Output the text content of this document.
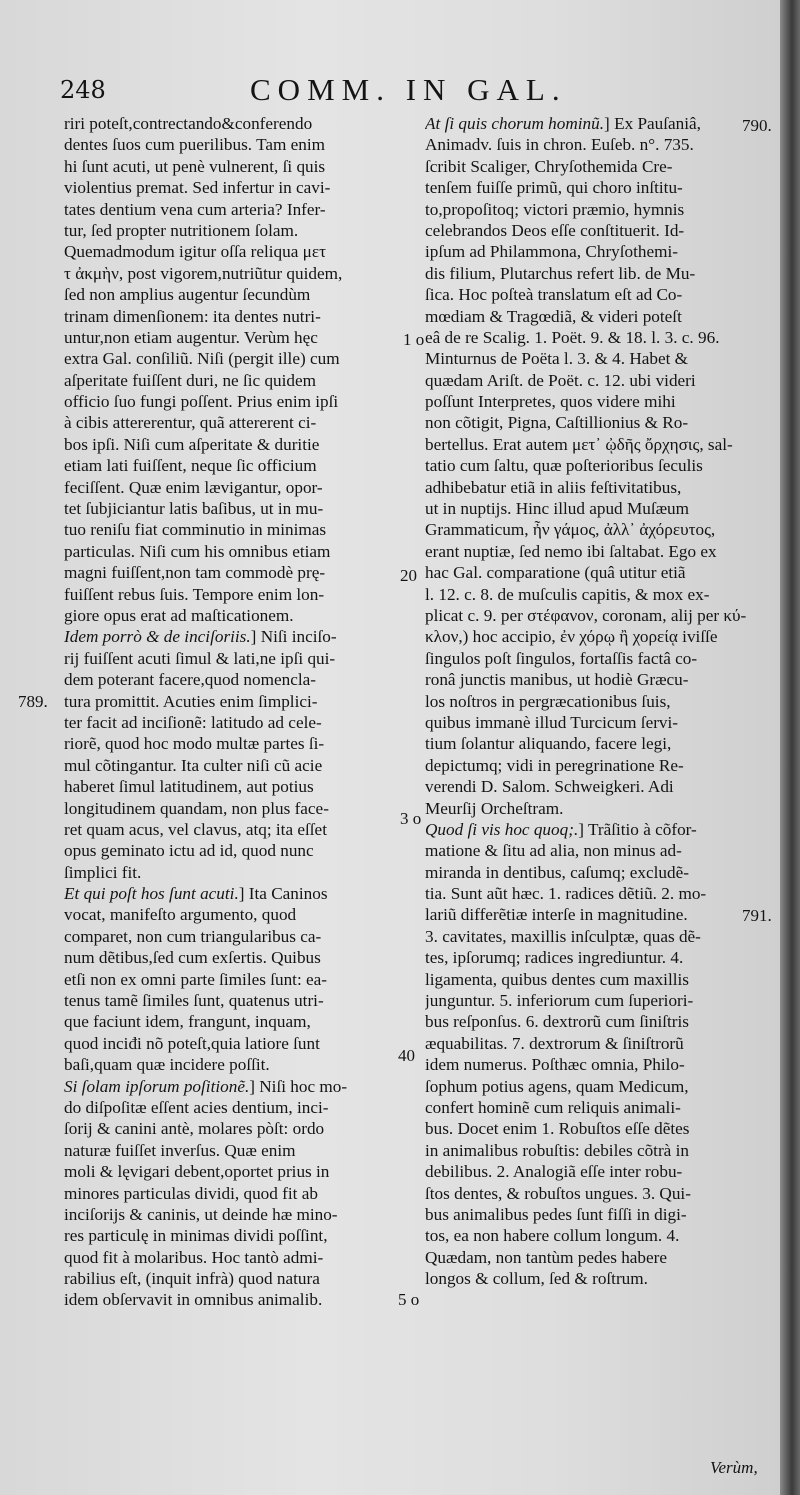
248	COMM. IN GAL.
riri poteſt,contrectando&conferendo
dentes ſuos cum puerilibus. Tam enim
hi ſunt acuti, ut penè vulnerent, ſi quis
violentius premat. Sed infertur in cavi-
tates dentium vena cum arteria? Infer-
tur, ſed propter nutritionem ſolam.
Quemadmodum igitur oſſa reliqua μετ
τ ἀκμὴν, post vigorem,nutriũtur quidem,
ſed non amplius augentur ſecundùm
trinam dimenſionem: ita dentes nutri-
untur,non etiam augentur. Verùm hęc
extra Gal. conſiliũ. Niſi (pergit ille) cum
aſperitate fuiſſent duri, ne ſic quidem
officio ſuo fungi poſſent. Prius enim ipſi
à cibis attererentur, quã attererent ci-
bos ipſi. Niſi cum aſperitate & duritie
etiam lati fuiſſent, neque ſic officium
feciſſent. Quæ enim lævigantur, opor-
tet ſubjiciantur latis baſibus, ut in mu-
tuo reniſu fiat comminutio in minimas
particulas. Niſi cum his omnibus etiam
magni fuiſſent,non tam commodè prę-
fuiſſent rebus ſuis. Tempore enim lon-
giore opus erat ad maſticationem.
Idem porrò & de inciſoriis.] Niſi inciſo-
rij fuiſſent acuti ſimul & lati,ne ipſi qui-
dem poterant facere,quod nomencla-
tura promittit. Acuties enim ſimplici-
ter facit ad inciſionẽ: latitudo ad cele-
riorẽ, quod hoc modo multæ partes ſi-
mul cõtingantur. Ita culter niſi cũ acie
haberet ſimul latitudinem, aut potius
longitudinem quandam, non plus face-
ret quam acus, vel clavus, atq; ita eſſet
opus geminato ictu ad id, quod nunc
ſimplici fit.
Et qui poſt hos ſunt acuti.] Ita Caninos
vocat, manifeſto argumento, quod
comparet, non cum triangularibus ca-
num dẽtibus,ſed cum exſertis. Quibus
etſi non ex omni parte ſimiles ſunt: ea-
tenus tamẽ ſimiles ſunt, quatenus utri-
que faciunt idem, frangunt, inquam,
quod inciđi nõ poteſt,quia latiore ſunt
baſi,quam quæ incidere poſſit.
Si ſolam ipſorum poſitionẽ.] Niſi hoc mo-
do diſpoſitæ eſſent acies dentium, inci-
ſorij & canini antè, molares pòſt: ordo
naturæ fuiſſet inverſus. Quæ enim
moli & lęvigari debent,oportet prius in
minores particulas dividi, quod fit ab
inciſorijs & caninis, ut deinde hæ mino-
res particulę in minimas dividi poſſint,
quod fit à molaribus. Hoc tantò admi-
rabilius eſt, (inquit infrà) quod natura
idem obſervavit in omnibus animalib.
At ſi quis chorum hominũ.] Ex Pauſaniâ,
Animadv. ſuis in chron. Euſeb. n°. 735.
ſcribit Scaliger, Chryſothemida Cre-
tenſem fuiſſe primũ, qui choro inſtitu-
to,propoſitoq; victori præmio, hymnis
celebrandos Deos eſſe conſtituerit. Id-
ipſum ad Philammona, Chryſothemi-
dis filium, Plutarchus refert lib. de Mu-
ſica. Hoc poſteà translatum eſt ad Co-
mœdiam & Tragœdiã, & videri poteſt
eâ de re Scalig. 1. Poët. 9. & 18. l. 3. c. 96.
Minturnus de Poëta l. 3. & 4. Habet &
quædam Ariſt. de Poët. c. 12. ubi videri
poſſunt Interpretes, quos videre mihi
non cõtigit, Pigna, Caſtillionius & Ro-
bertellus. Erat autem μετ᾽ ᾠδῆς ὄρχησις, sal-
tatio cum ſaltu, quæ poſterioribus ſeculis
adhibebatur etiã in aliis feſtivitatibus,
ut in nuptijs. Hinc illud apud Muſæum
Grammaticum, ἦν γάμος, ἀλλ᾽ ἀχόρευτος,
erant nuptiæ, ſed nemo ibi ſaltabat. Ego ex
hac Gal. comparatione (quâ utitur etiã
l. 12. c. 8. de muſculis capitis, & mox ex-
plicat c. 9. per στέφανον, coronam, alij per κύ-
κλον,) hoc accipio, ἐν χόρῳ ἢ χορείᾳ iviſſe
ſingulos poſt ſingulos, fortaſſis factâ co-
ronâ junctis manibus, ut hodiè Græcu-
los noſtros in pergræcationibus ſuis,
quibus immanè illud Turcicum ſervi-
tium ſolantur aliquando, facere legi,
depictumq; vidi in peregrinatione Re-
verendi D. Salom. Schweigkeri. Adi
Meurſij Orcheſtram.
Quod ſi vis hoc quoq;.] Trãſitio à cõfor-
matione & ſitu ad alia, non minus ad-
miranda in dentibus, caſumq; excludẽ-
tia. Sunt aũt hæc. 1. radices dẽtiũ. 2. mo-
lariũ differẽtiæ interſe in magnitudine.
3. cavitates, maxillis inſculptæ, quas dẽ-
tes, ipſorumq; radices ingrediuntur. 4.
ligamenta, quibus dentes cum maxillis
junguntur. 5. inferiorum cum ſuperiori-
bus reſponſus. 6. dextrorũ cum ſiniſtris
æquabilitas. 7. dextrorum & ſiniſtrorũ
idem numerus. Poſthæc omnia, Philo-
ſophum potius agens, quam Medicum,
confert hominẽ cum reliquis animali-
bus. Docet enim 1. Robuſtos eſſe dẽtes
in animalibus robuſtis: debiles cõtrà in
debilibus. 2. Analogiã eſſe inter robu-
ſtos dentes, & robuſtos ungues. 3. Qui-
bus animalibus pedes ſunt fiſſi in digi-
tos, ea non habere collum longum. 4.
Quædam, non tantùm pedes habere
longos & collum, ſed & roſtrum.
789.
790.
791.
1 o
20
3 o
40
5 o
Verùm,
